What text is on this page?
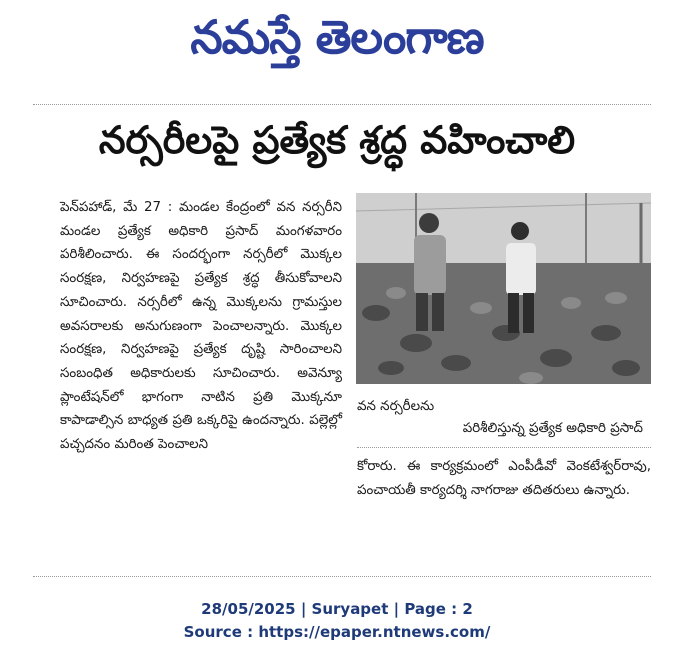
నమస్తే తెలంగాణ
నర్సరీలపై ప్రత్యేక శ్రద్ధ వహించాలి

పెన్‌పహాడ్, మే 27 : మండల కేంద్రంలో వన నర్సరీని మండల ప్రత్యేక అధికారి ప్రసాద్ మంగళవారం పరిశీలించారు. ఈ సందర్భంగా నర్సరీలో మొక్కల సంరక్షణ, నిర్వహణపై ప్రత్యేక శ్రద్ధ తీసుకోవాలని సూచించారు. నర్సరీలో ఉన్న మొక్కలను గ్రామస్తుల అవసరాలకు అనుగుణంగా పెంచాలన్నారు. మొక్కల సంరక్షణ, నిర్వహణపై ప్రత్యేక దృష్టి సారించాలని సంబంధిత అధికారులకు సూచించారు. అవెన్యూ ప్లాంటేషన్‌లో భాగంగా నాటిన ప్రతి మొక్కనూ కాపాడాల్సిన బాధ్యత ప్రతి ఒక్కరిపై ఉందన్నారు. పల్లెల్లో పచ్చదనం మరింత పెంచాలని

వన నర్సరీలను
పరిశీలిస్తున్న ప్రత్యేక అధికారి ప్రసాద్

కోరారు. ఈ కార్యక్రమంలో ఎంపీడీవో వెంకటేశ్వర్‌రావు, పంచాయతీ కార్యదర్శి నాగరాజు తదితరులు ఉన్నారు.

28/05/2025 | Suryapet | Page : 2
Source : https://epaper.ntnews.com/
